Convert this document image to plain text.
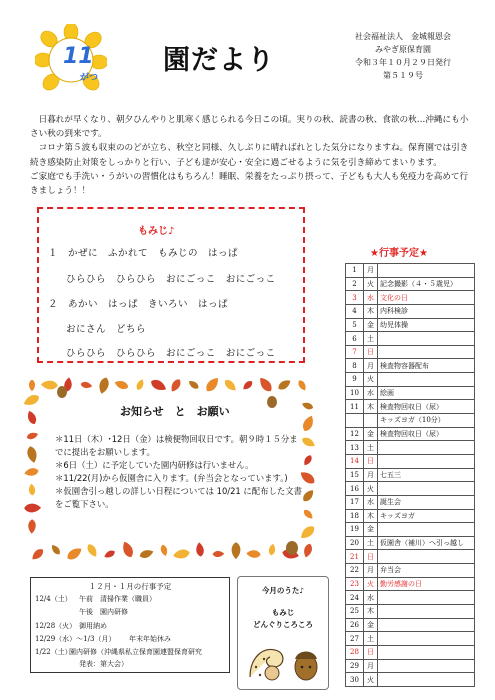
11
がつ
園だより
社会福祉法人　金城報恩会
みやぎ原保育園
令和３年１０月２９日発行
第５１９号

　日暮れが早くなり、朝夕ひんやりと肌寒く感じられる今日この頃。実りの秋、読書の秋、食欲の秋…沖縄にも小さい秋の到来です。

　コロナ第５波も収束ののどが立ち、秋空と同様、久しぶりに晴ればれとした気分になりますね。保育園では引き続き感染防止対策をしっかりと行い、子ども達が安心・安全に過ごせるように気を引き締めてまいります。

ご家庭でも手洗い・うがいの習慣化はもちろん！睡眠、栄養をたっぷり摂って、子どもも大人も免疫力を高めて行きましょう！！

もみじ♪
１　かぜに　ふかれて　もみじの　はっぱ
ひらひら　ひらひら　おにごっこ　おにごっこ
２　あかい　はっぱ　きいろい　はっぱ
おにさん　どちら
ひらひら　ひらひら　おにごっこ　おにごっこ
お知らせ　と　お願い
＊11日（木）･12日（金）は検便物回収日です。朝９時１５分までに提出をお願いします。
＊6日（土）に予定していた園内研修は行いません。
＊11/22(月)から仮園舎に入ります。(弁当会となっています。)
＊仮園舎引っ越しの詳しい日程については 10/21 に配布した文書をご覧下さい。
１２月・１月の行事予定
12/4（土） 午前　清掃作業（職員）
午後　園内研修
12/28（火） 御用納め
12/29（水）～1/3（月） 年末年始休み
1/22（土）
園内研修（沖縄県私立保育園連盟保育研究
発表：第大会）
今月のうた♪
もみじ
どんぐりころころ
★行事予定★
1	月	
2	火	記念撮影（４・５歳児）
3	水	文化の日
4	木	内科検診
5	金	幼児体操
6	土	
7	日	
8	月	検査物容器配布
9	火	
10	水	絵画
11	木	検査物回収日（尿）
		キッズヨガ（10分）
12	金	検査物回収日（尿）
13	土	
14	日	
15	月	七五三
16	火	
17	水	誕生会
18	木	キッズヨガ
19	金	
20	土	仮園舎（補川）へ引っ越し
21	日	
22	月	弁当会
23	火	勤労感謝の日
24	水	
25	木	
26	金	
27	土	
28	日	
29	月	
30	火	
